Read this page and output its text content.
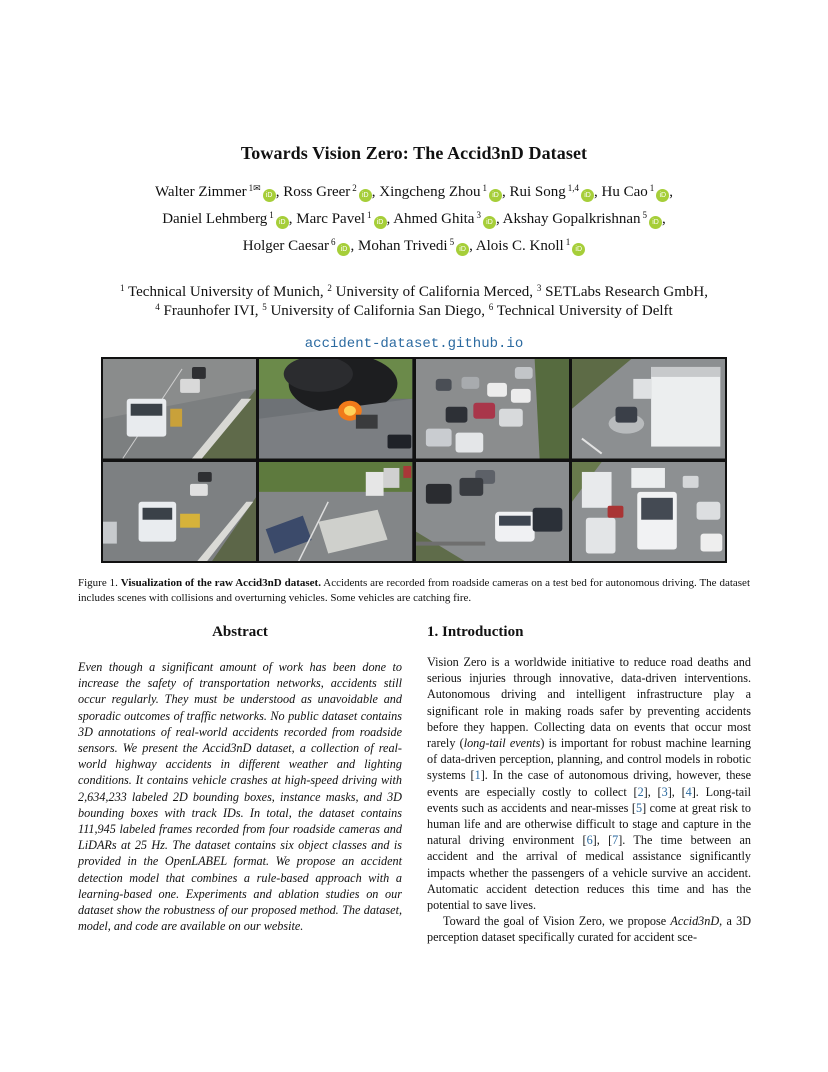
Towards Vision Zero: The Accid3nD Dataset
Walter Zimmer $^{1✉}$iD , Ross Greer $^2$iD , Xingcheng Zhou $^1$iD , Rui Song $^{1,4}$iD , Hu Cao $^1$iD ,
Daniel Lehmberg $^1$iD , Marc Pavel $^1$iD , Ahmed Ghita $^3$iD , Akshay Gopalkrishnan $^5$iD ,
Holger Caesar $^6$iD , Mohan Trivedi $^5$iD , Alois C. Knoll $^1$iD
$^1$ Technical University of Munich, $^2$ University of California Merced, $^3$ SETLabs Research GmbH,
$^4$ Fraunhofer IVI, $^5$ University of California San Diego, $^6$ Technical University of Delft
accident-dataset.github.io
Figure 1. Visualization of the raw Accid3nD dataset. Accidents are recorded from roadside cameras on a test bed for autonomous driving. The dataset includes scenes with collisions and overturning vehicles. Some vehicles are catching fire.
Abstract

Even though a significant amount of work has been done to increase the safety of transportation networks, accidents still occur regularly. They must be understood as unavoidable and sporadic outcomes of traffic networks. No public dataset contains 3D annotations of real-world accidents recorded from roadside sensors. We present the Accid3nD dataset, a collection of real-world highway accidents in different weather and lighting conditions. It contains vehicle crashes at high-speed driving with 2,634,233 labeled 2D bounding boxes, instance masks, and 3D bounding boxes with track IDs. In total, the dataset contains 111,945 labeled frames recorded from four roadside cameras and LiDARs at 25 Hz. The dataset contains six object classes and is provided in the OpenLABEL format. We propose an accident detection model that combines a rule-based approach with a learning-based one. Experiments and ablation studies on our dataset show the robustness of our proposed method. The dataset, model, and code are available on our website.

1. Introduction

Vision Zero is a worldwide initiative to reduce road deaths and serious injuries through innovative, data-driven interventions. Autonomous driving and intelligent infrastructure play a significant role in making roads safer by preventing accidents before they happen. Collecting data on events that occur most rarely (long-tail events) is important for robust machine learning of data-driven perception, planning, and control models in robotic systems [1]. In the case of autonomous driving, however, these events are especially costly to collect [2], [3], [4]. Long-tail events such as accidents and near-misses [5] come at great risk to human life and are otherwise difficult to stage and capture in the natural driving environment [6], [7]. The time between an accident and the arrival of medical assistance significantly impacts whether the passengers of a vehicle survive an accident. Automatic accident detection reduces this time and has the potential to save lives.

Toward the goal of Vision Zero, we propose Accid3nD, a 3D perception dataset specifically curated for accident sce-
